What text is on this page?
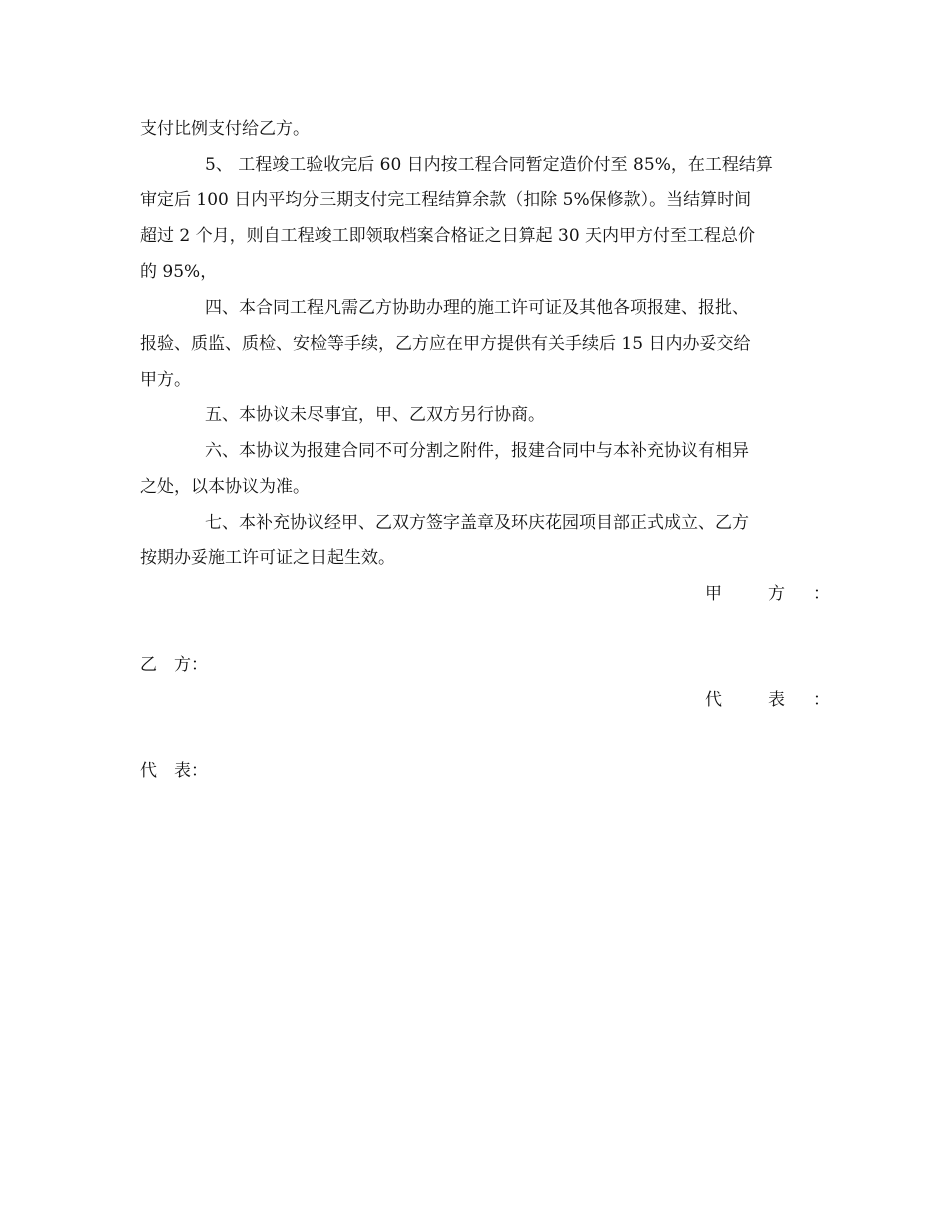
支付比例支付给乙方。
5、 工程竣工验收完后 60 日内按工程合同暂定造价付至 85%，在工程结算
审定后 100 日内平均分三期支付完工程结算余款（扣除 5%保修款）。当结算时间
超过 2 个月，则自工程竣工即领取档案合格证之日算起 30 天内甲方付至工程总价
的 95%，
四、本合同工程凡需乙方协助办理的施工许可证及其他各项报建、报批、
报验、质监、质检、安检等手续，乙方应在甲方提供有关手续后 15 日内办妥交给
甲方。
五、本协议未尽事宜，甲、乙双方另行协商。
六、本协议为报建合同不可分割之附件，报建合同中与本补充协议有相异
之处，以本协议为准。
七、本补充协议经甲、乙双方签字盖章及环庆花园项目部正式成立、乙方
按期办妥施工许可证之日起生效。
甲	方 ：
乙　方：
代	表 ：
代　表：
